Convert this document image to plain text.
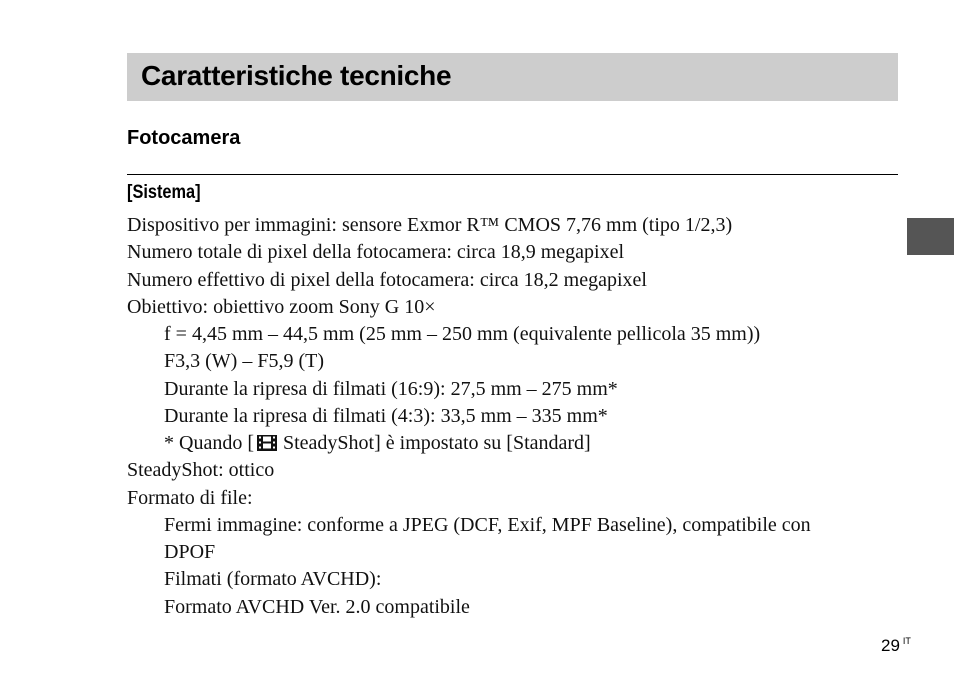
Caratteristiche tecniche
Fotocamera
[Sistema]
Dispositivo per immagini: sensore Exmor R™ CMOS 7,76 mm (tipo 1/2,3)
Numero totale di pixel della fotocamera: circa 18,9 megapixel
Numero effettivo di pixel della fotocamera: circa 18,2 megapixel
Obiettivo: obiettivo zoom Sony G 10×
f = 4,45 mm – 44,5 mm (25 mm – 250 mm (equivalente pellicola 35 mm))
F3,3 (W) – F5,9 (T)
Durante la ripresa di filmati (16:9): 27,5 mm – 275 mm*
Durante la ripresa di filmati (4:3): 33,5 mm – 335 mm*
* Quando [ SteadyShot] è impostato su [Standard]
SteadyShot: ottico
Formato di file:
Fermi immagine: conforme a JPEG (DCF, Exif, MPF Baseline), compatibile con
DPOF
Filmati (formato AVCHD):
Formato AVCHD Ver. 2.0 compatibile
29 $^{IT}$
